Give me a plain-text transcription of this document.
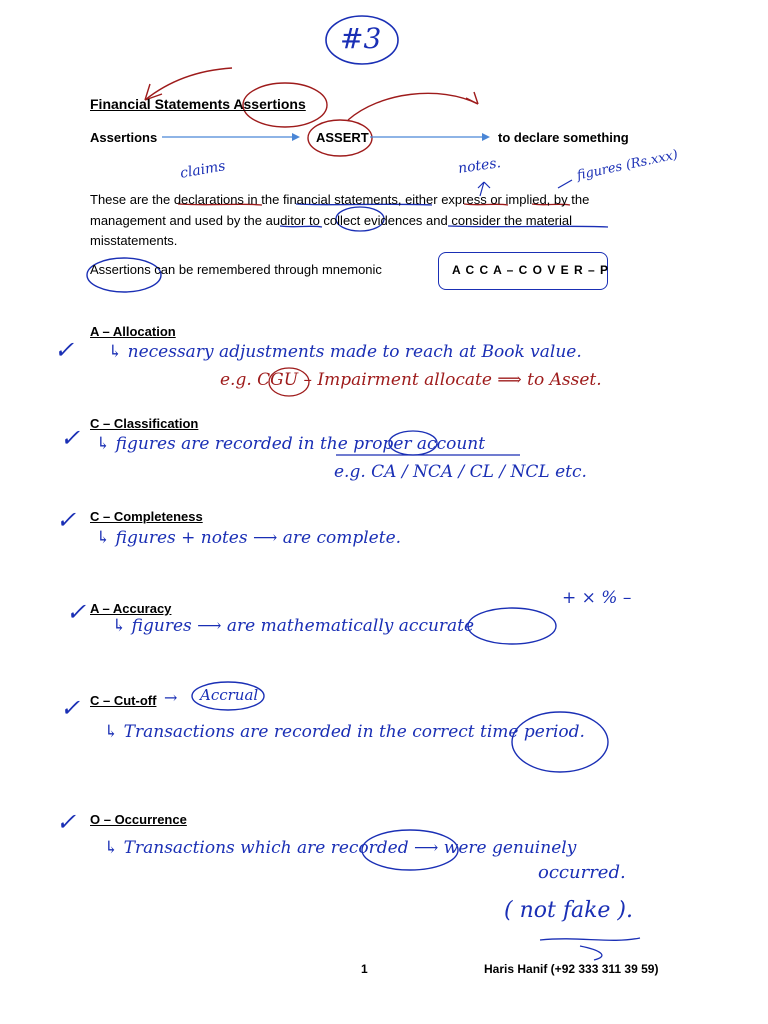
#3
Financial Statements Assertions
Assertions	ASSERT	to declare something
claims	notes.	figures (Rs.xxx)
These are the declarations in the financial statements, either express or implied, by the management and used by the auditor to collect evidences and consider the material misstatements.
Assertions can be remembered through mnemonic	A C C A – C O V E R – P
✓
A – Allocation
↳ necessary adjustments made to reach at Book value.
e.g. CGU – Impairment allocate ⟹ to Asset.
✓
C – Classification
↳ figures are recorded in the proper account
e.g. CA / NCA / CL / NCL etc.
✓ C – Completeness
↳ figures + notes ⟶ are complete.
✓ A – Accuracy
↳ figures ⟶ are mathematically accurate
+ × % –
✓ C – Cut-off → Accrual
↳ Transactions are recorded in the correct time period.
✓ O – Occurrence
↳ Transactions which are recorded ⟶ were genuinely
occurred.
( not fake ).
1	Haris Hanif (+92 333 311 39 59)
